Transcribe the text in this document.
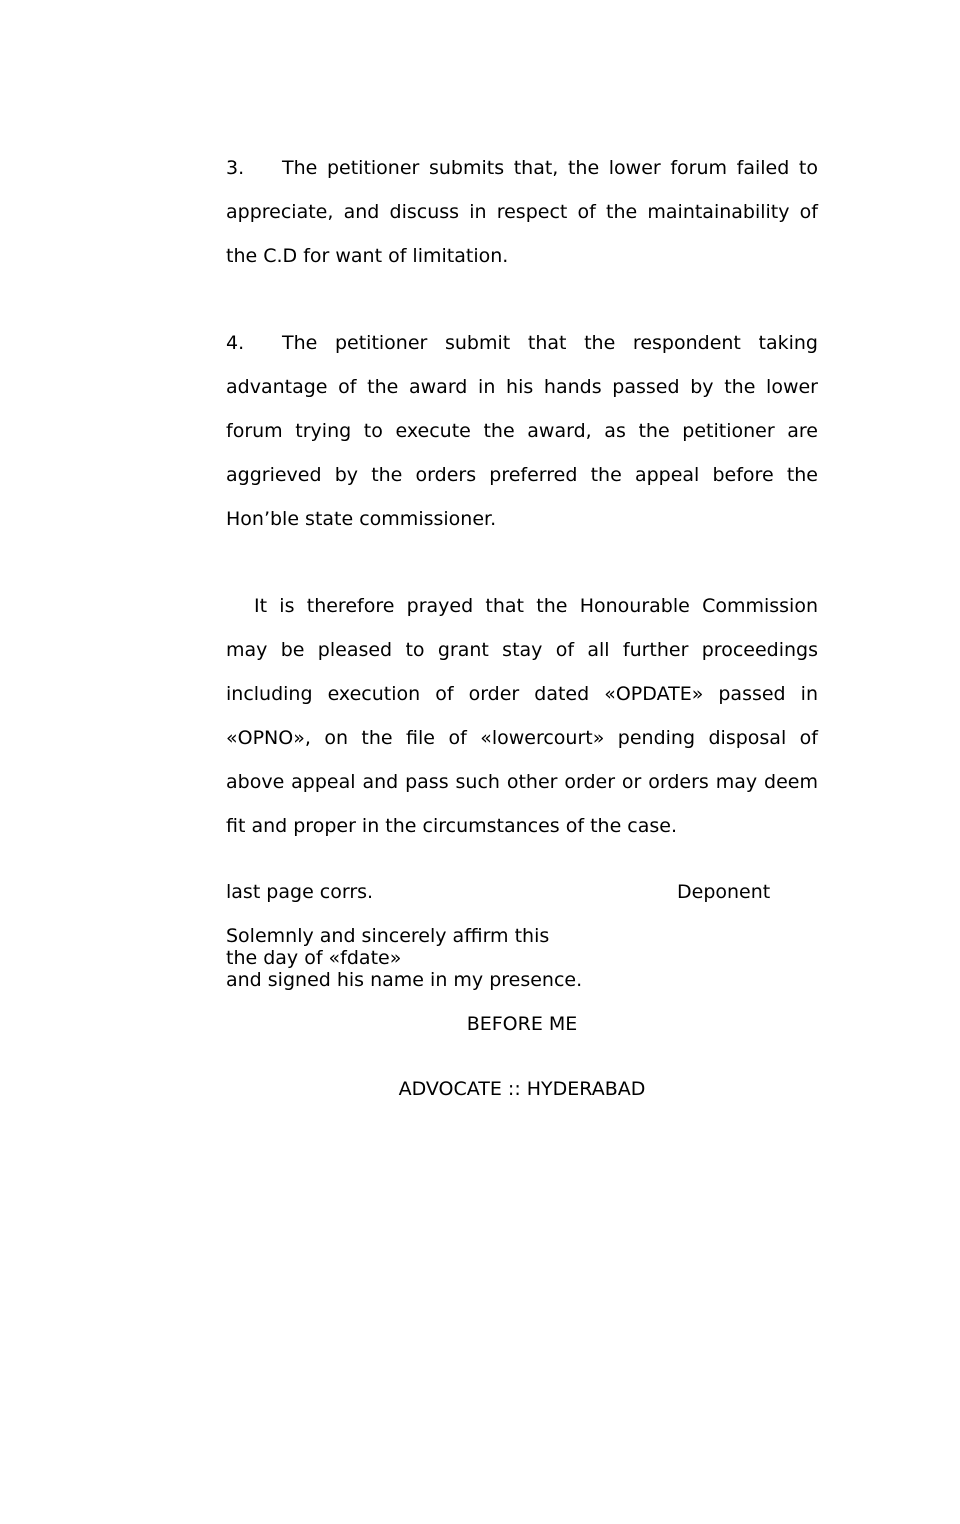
3. The petitioner submits that, the lower forum failed to appreciate, and discuss in respect of the maintainability of the C.D for want of limitation.

4. The petitioner submit that the respondent taking advantage of the award in his hands passed by the lower forum trying to execute the award, as the petitioner are aggrieved by the orders preferred the appeal before the Hon’ble state commissioner.

It is therefore prayed that the Honourable Commission may be pleased to grant stay of all further proceedings including execution of order dated «OPDATE» passed in «OPNO», on the file of «lowercourt» pending disposal of above appeal and pass such other order or orders may deem fit and proper in the circumstances of the case.

last page corrs.	Deponent

Solemnly and sincerely affirm this
the day of «fdate»
and signed his name in my presence.

BEFORE ME

ADVOCATE :: HYDERABAD
